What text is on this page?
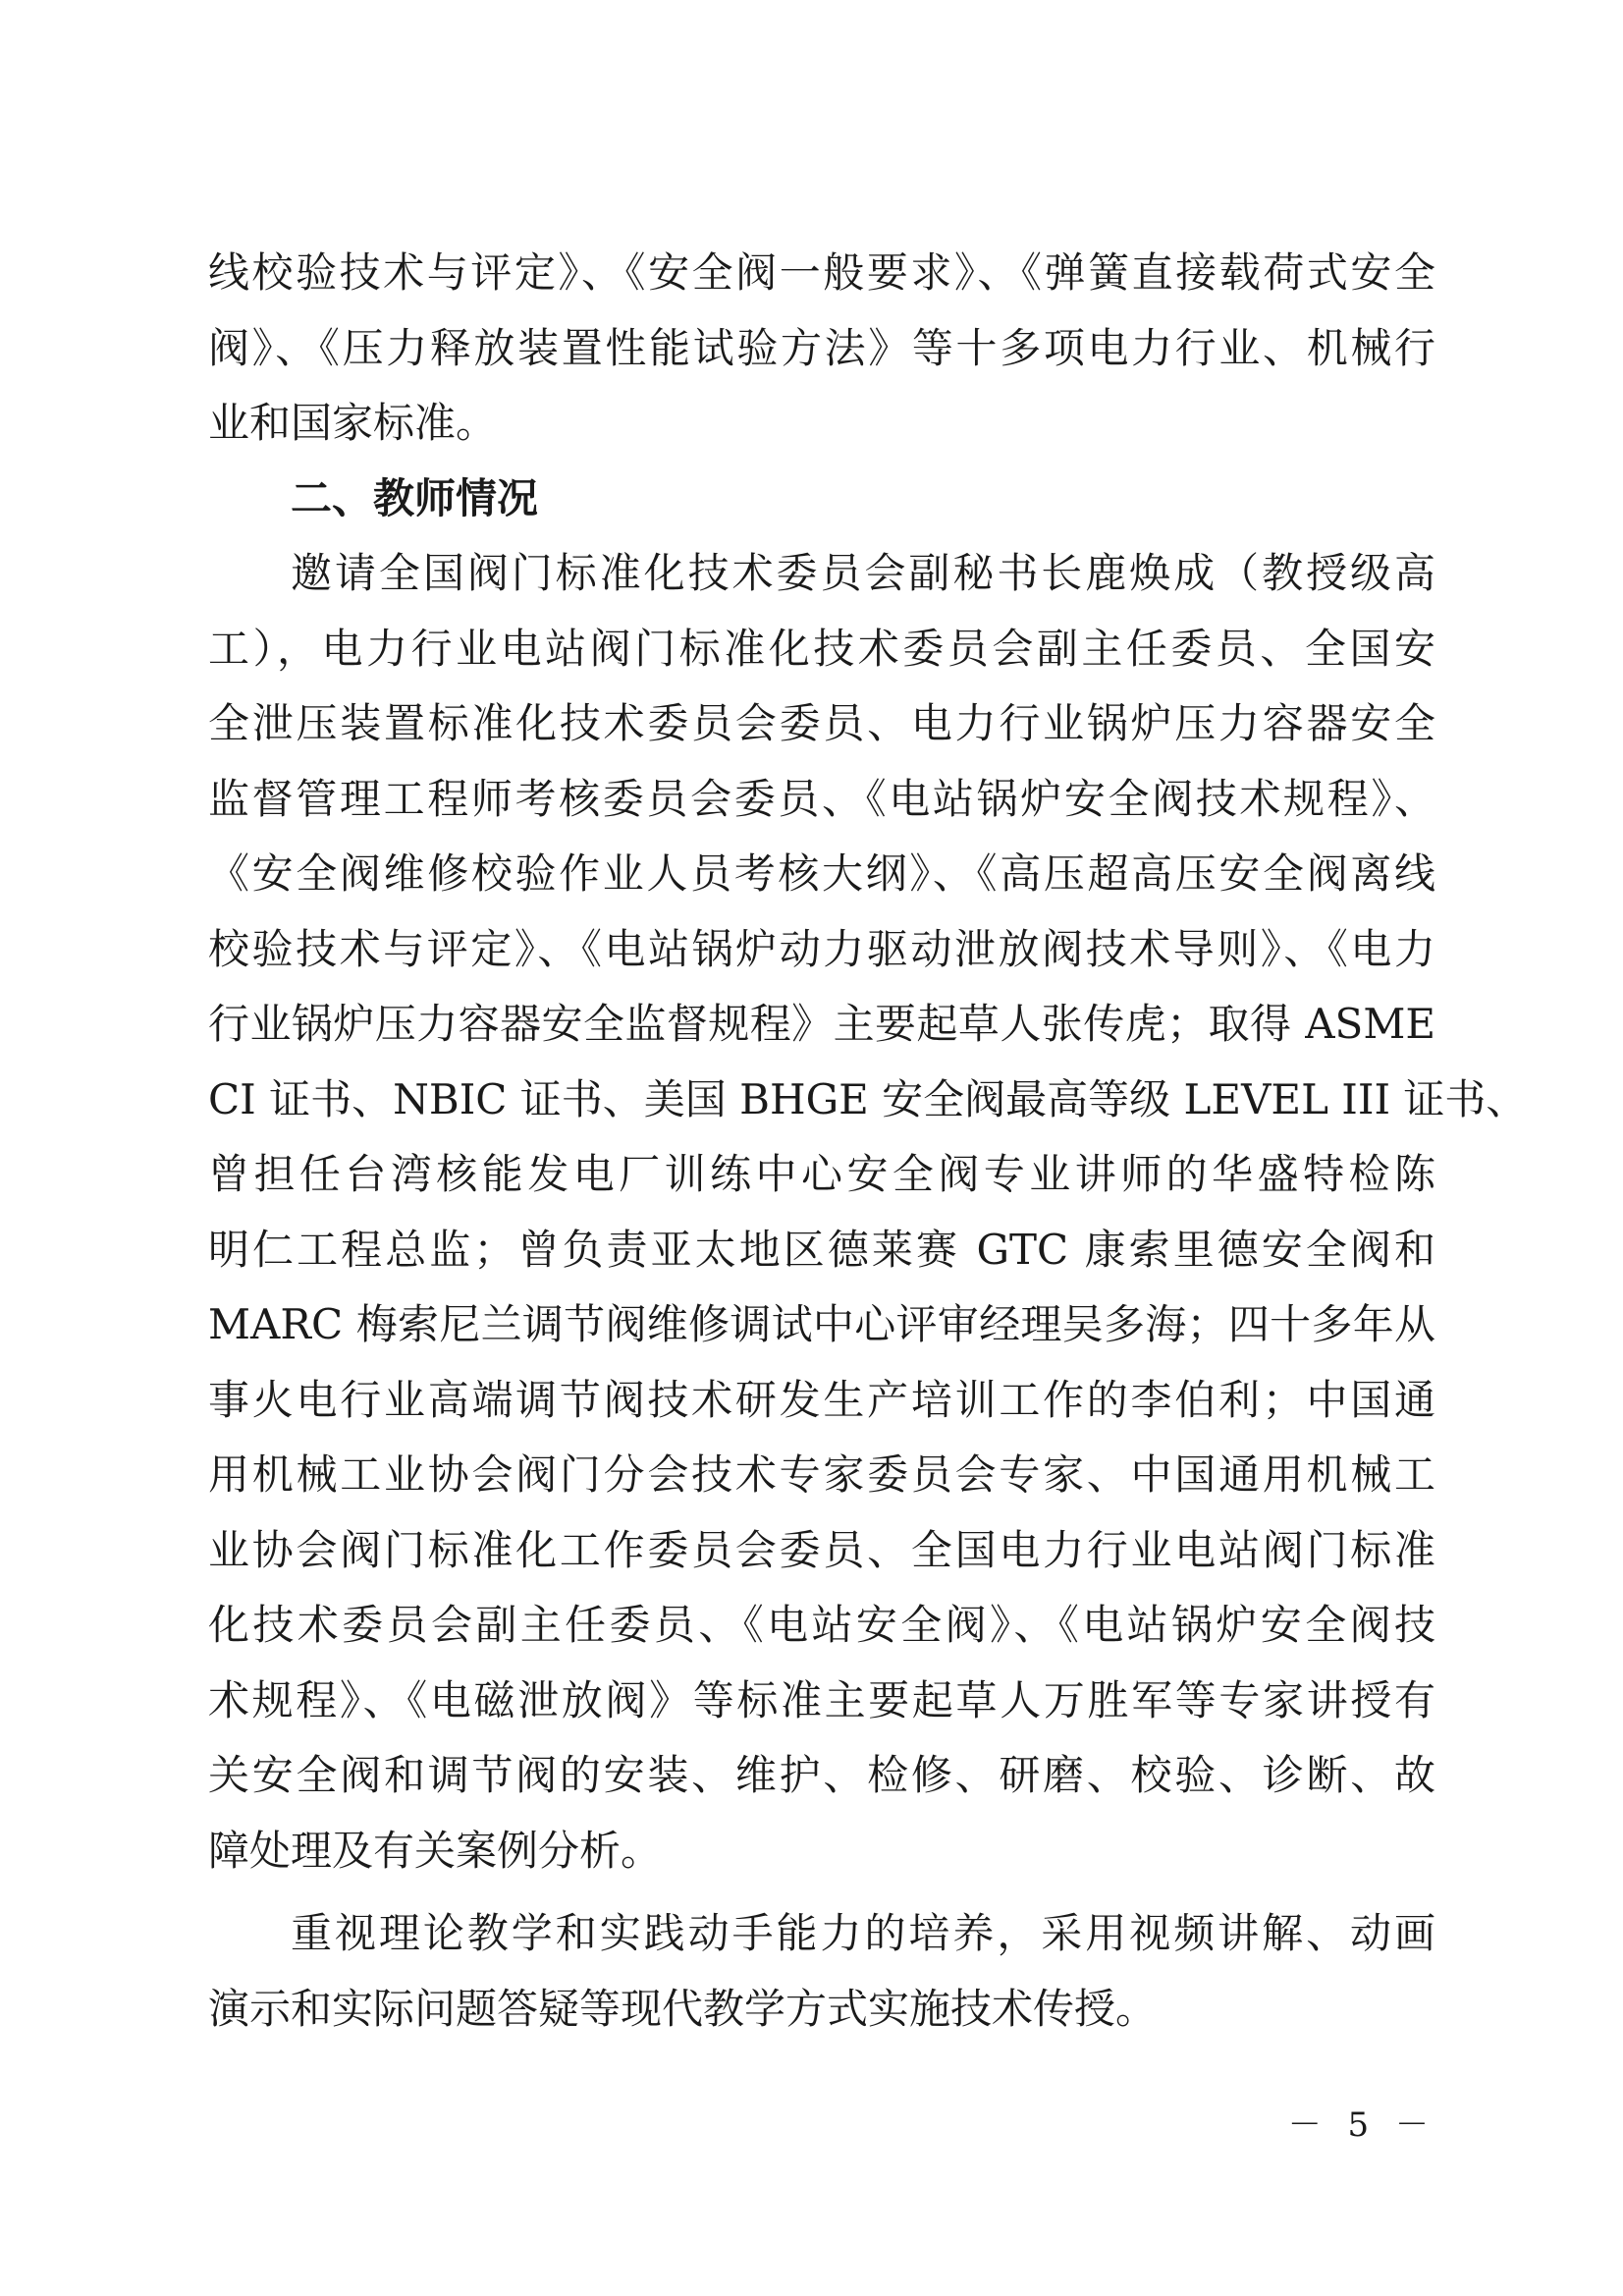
线校验技术与评定》、《安全阀一般要求》、《弹簧直接载荷式安全
阀》、《压力释放装置性能试验方法》等十多项电力行业、机械行
业和国家标准。
二、教师情况
邀请全国阀门标准化技术委员会副秘书长鹿焕成（教授级高
工），电力行业电站阀门标准化技术委员会副主任委员、全国安
全泄压装置标准化技术委员会委员、电力行业锅炉压力容器安全
监督管理工程师考核委员会委员、《电站锅炉安全阀技术规程》、
《安全阀维修校验作业人员考核大纲》、《高压超高压安全阀离线
校验技术与评定》、《电站锅炉动力驱动泄放阀技术导则》、《电力
行业锅炉压力容器安全监督规程》主要起草人张传虎；取得 ASME
CI 证书、NBIC 证书、美国 BHGE 安全阀最高等级 LEVEL III 证书、
曾担任台湾核能发电厂训练中心安全阀专业讲师的华盛特检陈
明仁工程总监；曾负责亚太地区德莱赛 GTC 康索里德安全阀和
MARC 梅索尼兰调节阀维修调试中心评审经理吴多海；四十多年从
事火电行业高端调节阀技术研发生产培训工作的李伯利；中国通
用机械工业协会阀门分会技术专家委员会专家、中国通用机械工
业协会阀门标准化工作委员会委员、全国电力行业电站阀门标准
化技术委员会副主任委员、《电站安全阀》、《电站锅炉安全阀技
术规程》、《电磁泄放阀》等标准主要起草人万胜军等专家讲授有
关安全阀和调节阀的安装、维护、检修、研磨、校验、诊断、故
障处理及有关案例分析。
重视理论教学和实践动手能力的培养，采用视频讲解、动画
演示和实际问题答疑等现代教学方式实施技术传授。
－ 5 －
